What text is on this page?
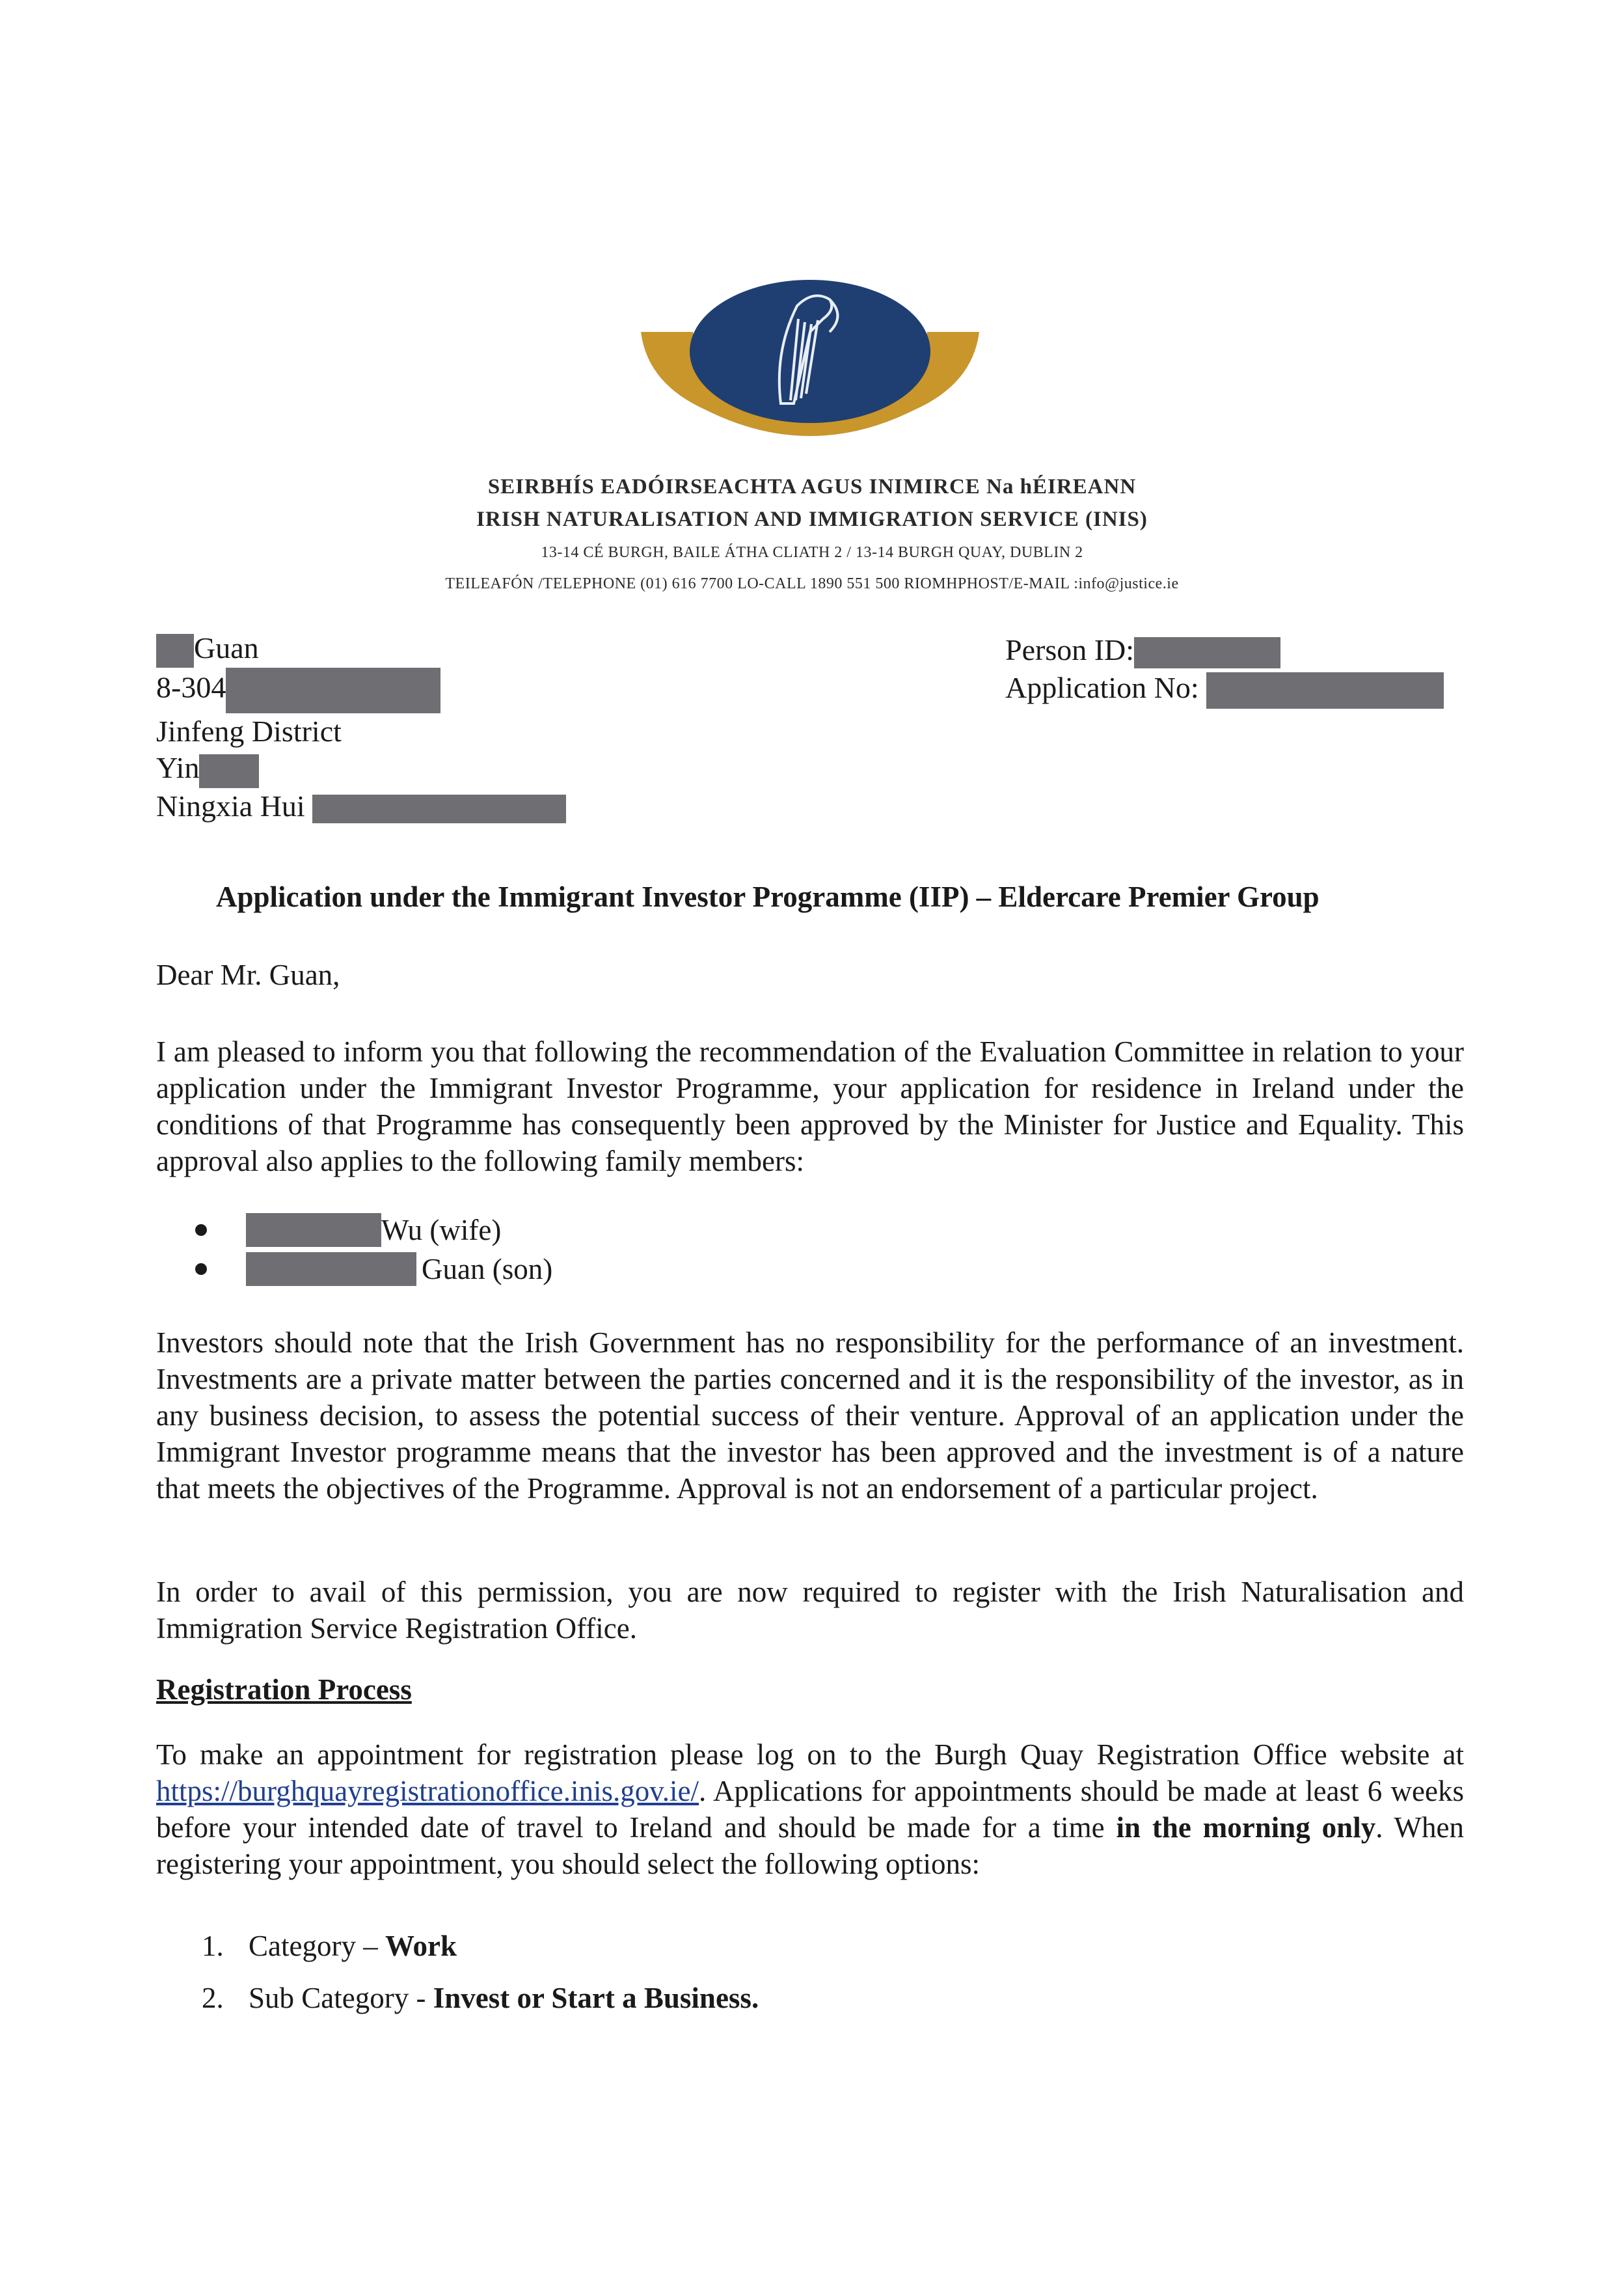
SEIRBHÍS EADÓIRSEACHTA AGUS INIMIRCE Na hÉIREANN
IRISH NATURALISATION AND IMMIGRATION SERVICE (INIS)
13-14 CÉ BURGH, BAILE ÁTHA CLIATH 2 / 13-14 BURGH QUAY, DUBLIN 2
TEILEAFÓN /TELEPHONE (01) 616 7700 LO-CALL 1890 551 500 RIOMHPHOST/E-MAIL :info@justice.ie
Guan
8-304
Jinfeng District
Yin
Ningxia Hui
Person ID:
Application No:
Application under the Immigrant Investor Programme (IIP) – Eldercare Premier Group
Dear Mr. Guan,
I am pleased to inform you that following the recommendation of the Evaluation Committee in relation to your application under the Immigrant Investor Programme, your application for residence in Ireland under the conditions of that Programme has consequently been approved by the Minister for Justice and Equality. This approval also applies to the following family members:
Wu (wife)
Guan (son)
Investors should note that the Irish Government has no responsibility for the performance of an investment. Investments are a private matter between the parties concerned and it is the responsibility of the investor, as in any business decision, to assess the potential success of their venture. Approval of an application under the Immigrant Investor programme means that the investor has been approved and the investment is of a nature that meets the objectives of the Programme. Approval is not an endorsement of a particular project.
In order to avail of this permission, you are now required to register with the Irish Naturalisation and Immigration Service Registration Office.
Registration Process
To make an appointment for registration please log on to the Burgh Quay Registration Office website at https://burghquayregistrationoffice.inis.gov.ie/. Applications for appointments should be made at least 6 weeks before your intended date of travel to Ireland and should be made for a time in the morning only. When registering your appointment, you should select the following options:
1. Category –
Work
2. Sub Category -
Invest or Start a Business.
